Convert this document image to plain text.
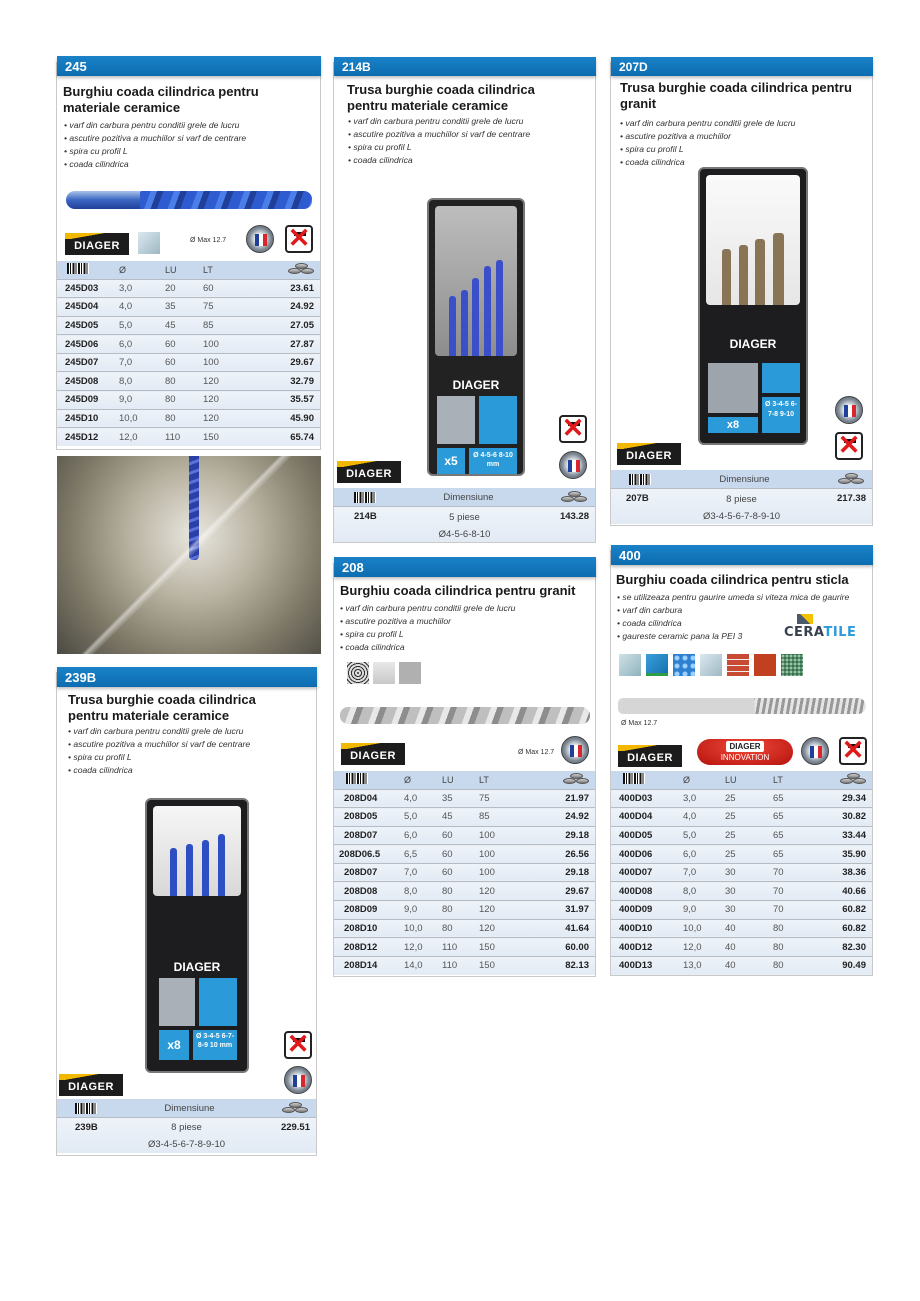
245
Burghiu coada cilindrica pentru
materiale ceramice
• varf din carbura pentru conditii grele de lucru
• ascutire pozitiva a muchiilor si varf de centrare
• spira cu profil L
• coada cilindrica
DIAGER	Ø Max 12.7
✕
	Ø	LU	LT	

245D03	3,0	20	60	23.61
245D04	4,0	35	75	24.92
245D05	5,0	45	85	27.05
245D06	6,0	60	100	27.87
245D07	7,0	60	100	29.67
245D08	8,0	80	120	32.79
245D09	9,0	80	120	35.57
245D10	10,0	80	120	45.90
245D12	12,0	110	150	65.74
239B
Trusa burghie coada cilindrica
pentru materiale ceramice
• varf din carbura pentru conditii grele de lucru
• ascutire pozitiva a muchiilor si varf de centrare
• spira cu profil L
• coada cilindrica
DIAGER
x8
Ø 3-4-5 6-7-8-9 10 mm
✕
DIAGER
Dimensiune
239B	8 piese	229.51
Ø3-4-5-6-7-8-9-10
214B
Trusa burghie coada cilindrica
pentru materiale ceramice
• varf din carbura pentru conditii grele de lucru
• ascutire pozitiva a muchiilor si varf de centrare
• spira cu profil L
• coada cilindrica
DIAGER
x5	Ø 4-5-6 8-10 mm
✕
DIAGER
Dimensiune
214B	5 piese	143.28
Ø4-5-6-8-10
208
Burghiu coada cilindrica pentru granit
• varf din carbura pentru conditii grele de lucru
• ascutire pozitiva a muchiilor
• spira cu profil L
• coada cilindrica
DIAGER	Ø Max 12.7
	Ø	LU	LT	

208D04	4,0	35	75	21.97
208D05	5,0	45	85	24.92
208D07	6,0	60	100	29.18
208D06.5	6,5	60	100	26.56
208D07	7,0	60	100	29.18
208D08	8,0	80	120	29.67
208D09	9,0	80	120	31.97
208D10	10,0	80	120	41.64
208D12	12,0	110	150	60.00
208D14	14,0	110	150	82.13
207D
Trusa burghie coada cilindrica pentru
granit
• varf din carbura pentru conditii grele de lucru
• ascutire pozitiva a muchiilor
• spira cu profil L
• coada cilindrica
DIAGER
x8
Ø 3-4-5 6-7-8 9-10
✕
DIAGER
Dimensiune
207B	8 piese	217.38
Ø3-4-5-6-7-8-9-10
400
Burghiu coada cilindrica pentru sticla
• se utilizeaza pentru gaurire umeda si viteza mica de gaurire
• varf din carbura
• coada cilindrica
• gaureste ceramic pana la PEI 3	CERATILE
Ø Max 12.7
DIAGER
DIAGER
INNOVATION
✕
	Ø	LU	LT	

400D03	3,0	25	65	29.34
400D04	4,0	25	65	30.82
400D05	5,0	25	65	33.44
400D06	6,0	25	65	35.90
400D07	7,0	30	70	38.36
400D08	8,0	30	70	40.66
400D09	9,0	30	70	60.82
400D10	10,0	40	80	60.82
400D12	12,0	40	80	82.30
400D13	13,0	40	80	90.49
